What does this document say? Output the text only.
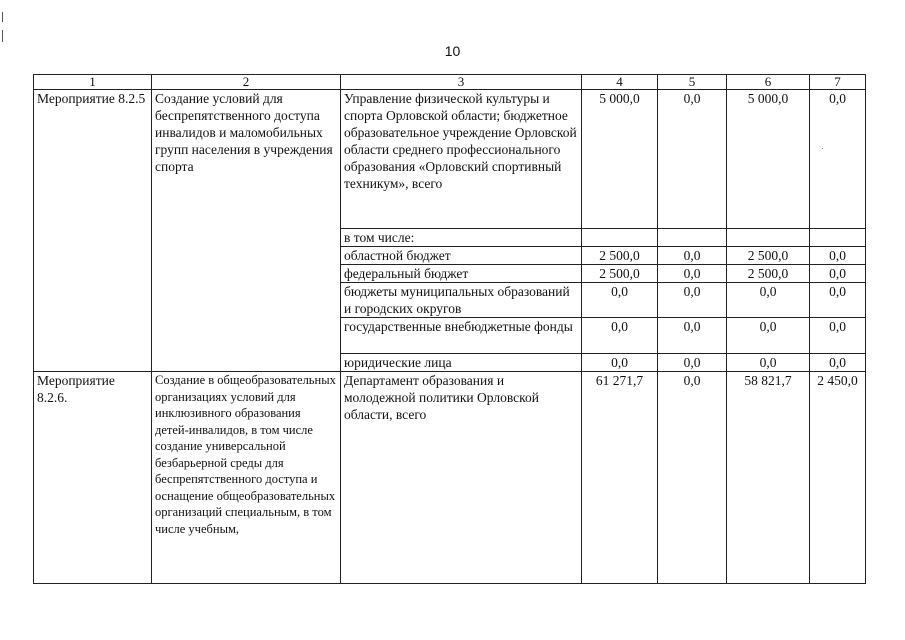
10
1	2	3	4	5	6	7
Мероприятие 8.2.5	Создание условий для беспрепятственного доступа инвалидов и маломобильных групп населения в учреждения спорта	Управление физической культуры и спорта Орловской области; бюджетное образовательное учреждение Орловской области среднего профессионального образования «Орловский спортивный техникум», всего	5 000,0	0,0	5 000,0	0,0
		в том числе:				
		областной бюджет	2 500,0	0,0	2 500,0	0,0
		федеральный бюджет	2 500,0	0,0	2 500,0	0,0
		бюджеты муниципальных образований и городских округов	0,0	0,0	0,0	0,0
		государственные внебюджетные фонды	0,0	0,0	0,0	0,0
		юридические лица	0,0	0,0	0,0	0,0
Мероприятие 8.2.6.	Создание в общеобразовательных организациях условий для инклюзивного образования детей-инвалидов, в том числе создание универсальной безбарьерной среды для беспрепятственного доступа и оснащение общеобразовательных организаций специальным, в том числе учебным,	Департамент образования и молодежной политики Орловской области, всего	61 271,7	0,0	58 821,7	2 450,0
